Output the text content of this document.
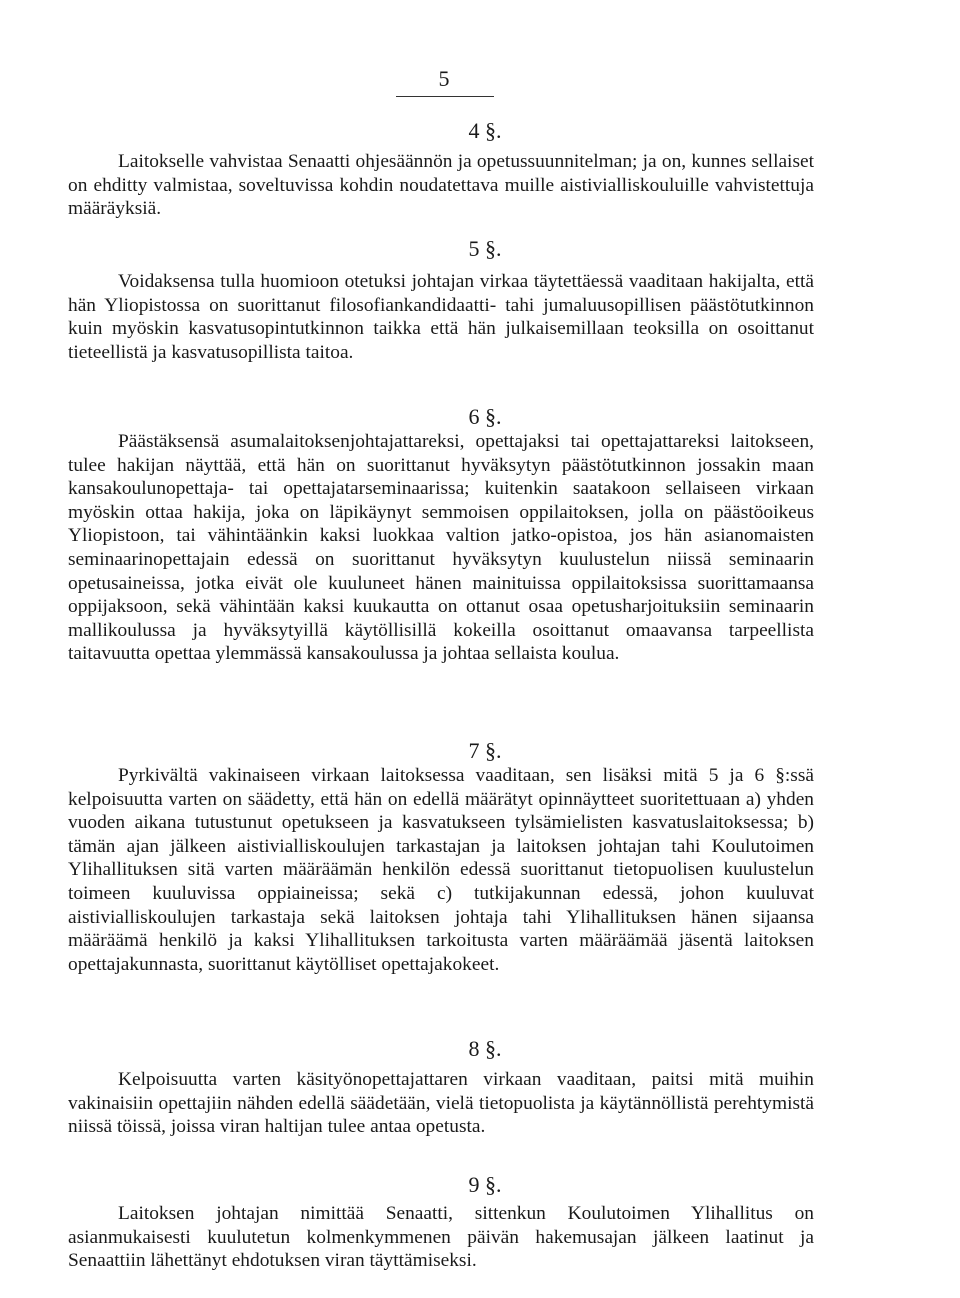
5
4 §.

Laitokselle vahvistaa Senaatti ohjesäännön ja opetussuunnitelman; ja on, kunnes sellaiset on ehditty valmistaa, soveltuvissa kohdin noudatettava muille aistivialliskouluille vahvistettuja määräyksiä.

5 §.

Voidaksensa tulla huomioon otetuksi johtajan virkaa täytettäessä vaaditaan hakijalta, että hän Yliopistossa on suorittanut filosofiankandidaatti- tahi jumaluusopillisen päästötutkinnon kuin myöskin kasvatusopintutkinnon taikka että hän julkaisemillaan teoksilla on osoittanut tieteellistä ja kasvatusopillista taitoa.

6 §.

Päästäksensä asumalaitoksenjohtajattareksi, opettajaksi tai opettajattareksi laitokseen, tulee hakijan näyttää, että hän on suorittanut hyväksytyn päästötutkinnon jossakin maan kansakoulunopettaja- tai opettajatarseminaarissa; kuitenkin saatakoon sellaiseen virkaan myöskin ottaa hakija, joka on läpikäynyt semmoisen oppilaitoksen, jolla on päästöoikeus Yliopistoon, tai vähintäänkin kaksi luokkaa valtion jatko-opistoa, jos hän asianomaisten seminaarinopettajain edessä on suorittanut hyväksytyn kuulustelun niissä seminaarin opetusaineissa, jotka eivät ole kuuluneet hänen mainituissa oppilaitoksissa suorittamaansa oppijaksoon, sekä vähintään kaksi kuukautta on ottanut osaa opetusharjoituksiin seminaarin mallikoulussa ja hyväksytyillä käytöllisillä kokeilla osoittanut omaavansa tarpeellista taitavuutta opettaa ylemmässä kansakoulussa ja johtaa sellaista koulua.

7 §.

Pyrkivältä vakinaiseen virkaan laitoksessa vaaditaan, sen lisäksi mitä 5 ja 6 §:ssä kelpoisuutta varten on säädetty, että hän on edellä määrätyt opinnäytteet suoritettuaan a) yhden vuoden aikana tutustunut opetukseen ja kasvatukseen tylsämielisten kasvatuslaitoksessa; b) tämän ajan jälkeen aistivialliskoulujen tarkastajan ja laitoksen johtajan tahi Koulutoimen Ylihallituksen sitä varten määräämän henkilön edessä suorittanut tietopuolisen kuulustelun toimeen kuuluvissa oppiaineissa; sekä c) tutkijakunnan edessä, johon kuuluvat aistivialliskoulujen tarkastaja sekä laitoksen johtaja tahi Ylihallituksen hänen sijaansa määräämä henkilö ja kaksi Ylihallituksen tarkoitusta varten määräämää jäsentä laitoksen opettajakunnasta, suorittanut käytölliset opettajakokeet.

8 §.

Kelpoisuutta varten käsityönopettajattaren virkaan vaaditaan, paitsi mitä muihin vakinaisiin opettajiin nähden edellä säädetään, vielä tietopuolista ja käytännöllistä perehtymistä niissä töissä, joissa viran haltijan tulee antaa opetusta.

9 §.

Laitoksen johtajan nimittää Senaatti, sittenkun Koulutoimen Ylihallitus on asianmukaisesti kuulutetun kolmenkymmenen päivän hakemusajan jälkeen laatinut ja Senaattiin lähettänyt ehdotuksen viran täyttämiseksi.
